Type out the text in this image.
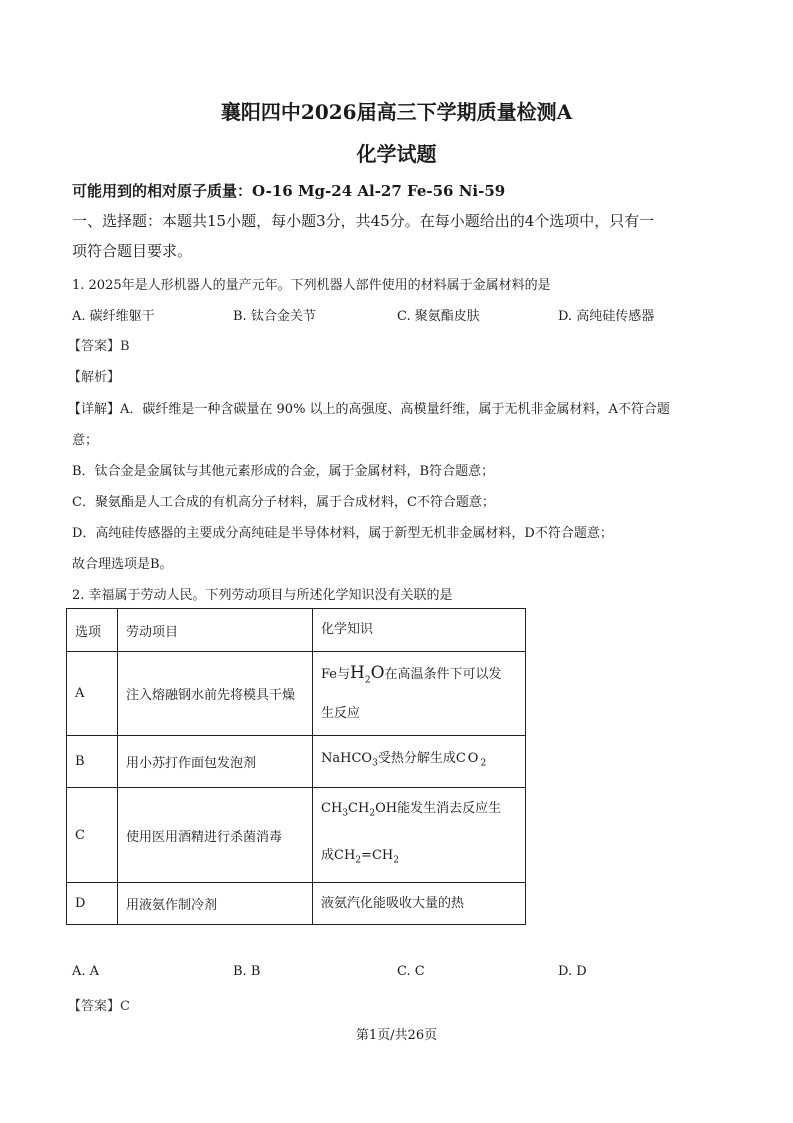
襄阳四中2026届高三下学期质量检测A
化学试题
可能用到的相对原子质量：O-16 Mg-24 Al-27 Fe-56 Ni-59
一、选择题：本题共15小题，每小题3分，共45分。在每小题给出的4个选项中，只有一
项符合题目要求。
1. 2025年是人形机器人的量产元年。下列机器人部件使用的材料属于金属材料的是
A. 碳纤维躯干	B. 钛合金关节	C. 聚氨酯皮肤	D. 高纯硅传感器
【答案】B
【解析】
【详解】A．碳纤维是一种含碳量在 90% 以上的高强度、高模量纤维，属于无机非金属材料，A不符合题
意；
B．钛合金是金属钛与其他元素形成的合金，属于金属材料，B符合题意；
C．聚氨酯是人工合成的有机高分子材料，属于合成材料，C不符合题意；
D．高纯硅传感器的主要成分高纯硅是半导体材料，属于新型无机非金属材料，D不符合题意；
故合理选项是B。
2. 幸福属于劳动人民。下列劳动项目与所述化学知识没有关联的是
选项	劳动项目	化学知识
A	注入熔融钢水前先将模具干燥	Fe与$H_2O$在高温条件下可以发
生反应
B	用小苏打作面包发泡剂	NaHCO$_3$受热分解生成$CO_2$
C	使用医用酒精进行杀菌消毒	$CH_3CH_2OH$能发生消去反应生
成$CH_2=CH_2$
D	用液氨作制冷剂	液氨汽化能吸收大量的热
A. A	B. B	C. C	D. D
【答案】C
第1页/共26页
